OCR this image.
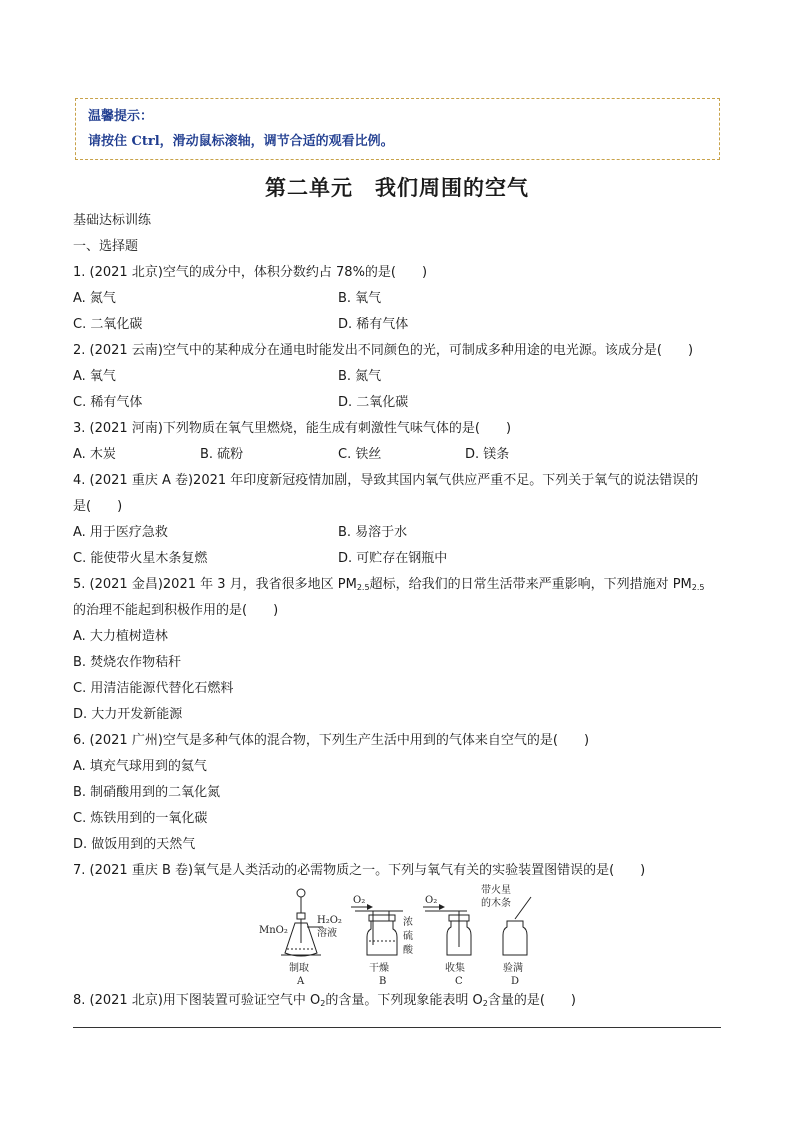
温馨提示：
请按住 Ctrl，滑动鼠标滚轴，调节合适的观看比例。
第二单元　我们周围的空气
基础达标训练
一、选择题
1. (2021 北京)空气的成分中，体积分数约占 78%的是(　　)
A. 氮气	B. 氧气
C. 二氧化碳	D. 稀有气体
2. (2021 云南)空气中的某种成分在通电时能发出不同颜色的光，可制成多种用途的电光源。该成分是(　　)
A. 氧气	B. 氮气
C. 稀有气体	D. 二氧化碳
3. (2021 河南)下列物质在氧气里燃烧，能生成有刺激性气味气体的是(　　)
A. 木炭	B. 硫粉	C. 铁丝	D. 镁条
4. (2021 重庆 A 卷)2021 年印度新冠疫情加剧，导致其国内氧气供应严重不足。下列关于氧气的说法错误的
是(　　)
A. 用于医疗急救	B. 易溶于水
C. 能使带火星木条复燃	D. 可贮存在钢瓶中
5. (2021 金昌)2021 年 3 月，我省很多地区 $PM_{2.5}$超标，给我们的日常生活带来严重影响，下列措施对 $PM_{2.5}$
的治理不能起到积极作用的是(　　)
A. 大力植树造林
B. 焚烧农作物秸秆
C. 用清洁能源代替化石燃料
D. 大力开发新能源
6. (2021 广州)空气是多种气体的混合物，下列生产生活中用到的气体来自空气的是(　　)
A. 填充气球用到的氦气
B. 制硝酸用到的二氧化氮
C. 炼铁用到的一氧化碳
D. 做饭用到的天然气
7. (2021 重庆 B 卷)氧气是人类活动的必需物质之一。下列与氧气有关的实验装置图错误的是(　　)
MnO₂
H₂O₂
溶液
O₂
浓
硫
酸
O₂
带火星
的木条
制取	干燥	收集	验满
A	B	C	D
8. (2021 北京)用下图装置可验证空气中 $O_2$的含量。下列现象能表明 $O_2$含量的是(　　)
